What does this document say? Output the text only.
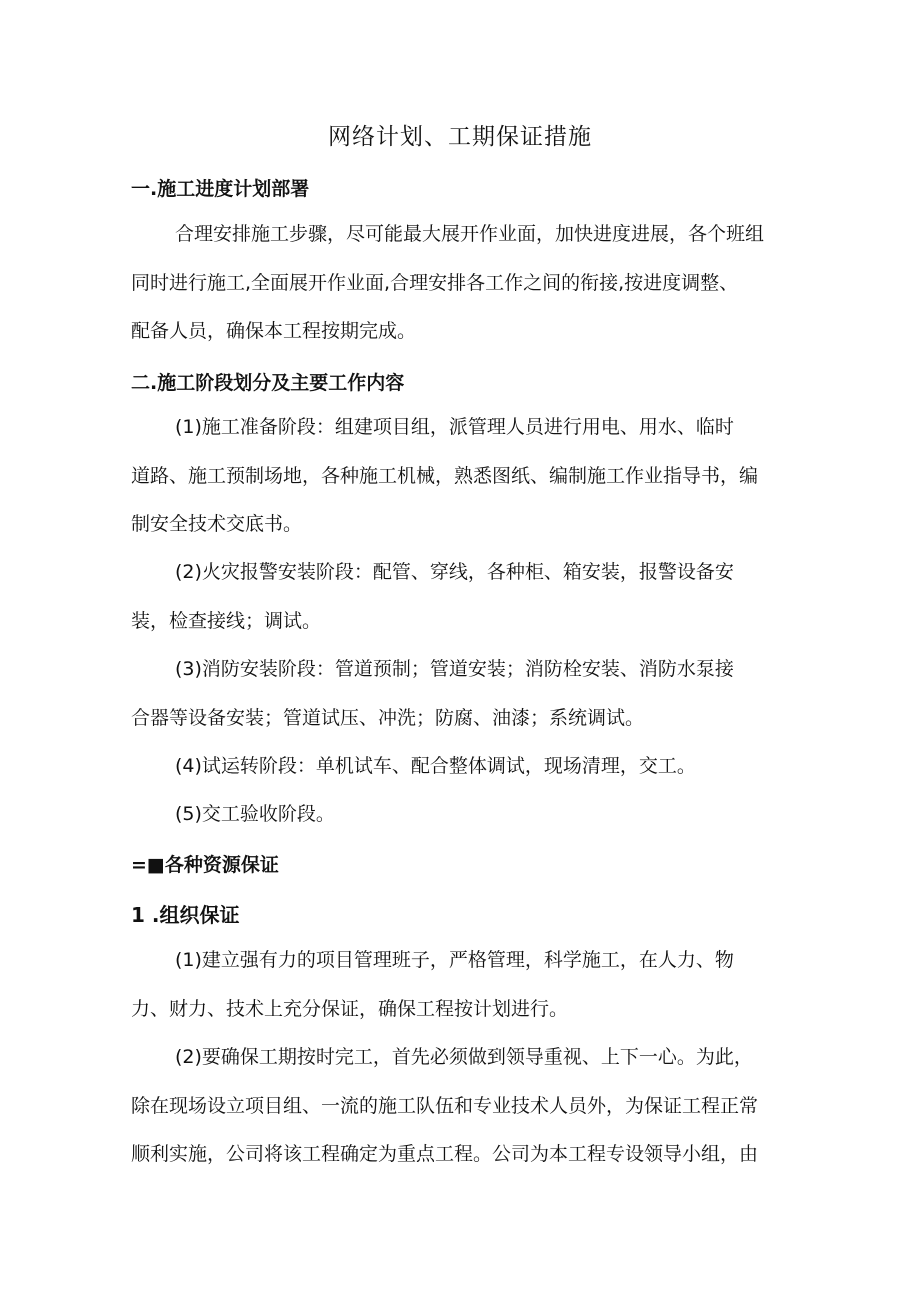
网络计划、工期保证措施
一.施工进度计划部署
合理安排施工步骤，尽可能最大展开作业面，加快进度进展，各个班组
同时进行施工,全面展开作业面,合理安排各工作之间的衔接,按进度调整、
配备人员，确保本工程按期完成。
二.施工阶段划分及主要工作内容
(1)施工准备阶段：组建项目组，派管理人员进行用电、用水、临时
道路、施工预制场地，各种施工机械，熟悉图纸、编制施工作业指导书，编
制安全技术交底书。
(2)火灾报警安装阶段：配管、穿线，各种柜、箱安装，报警设备安
装，检查接线；调试。
(3)消防安装阶段：管道预制；管道安装；消防栓安装、消防水泵接
合器等设备安装；管道试压、冲洗；防腐、油漆；系统调试。
(4)试运转阶段：单机试车、配合整体调试，现场清理，交工。
(5)交工验收阶段。
=■各种资源保证
1 .组织保证
(1)建立强有力的项目管理班子，严格管理，科学施工，在人力、物
力、财力、技术上充分保证，确保工程按计划进行。
(2)要确保工期按时完工，首先必须做到领导重视、上下一心。为此，
除在现场设立项目组、一流的施工队伍和专业技术人员外，为保证工程正常
顺利实施，公司将该工程确定为重点工程。公司为本工程专设领导小组，由
